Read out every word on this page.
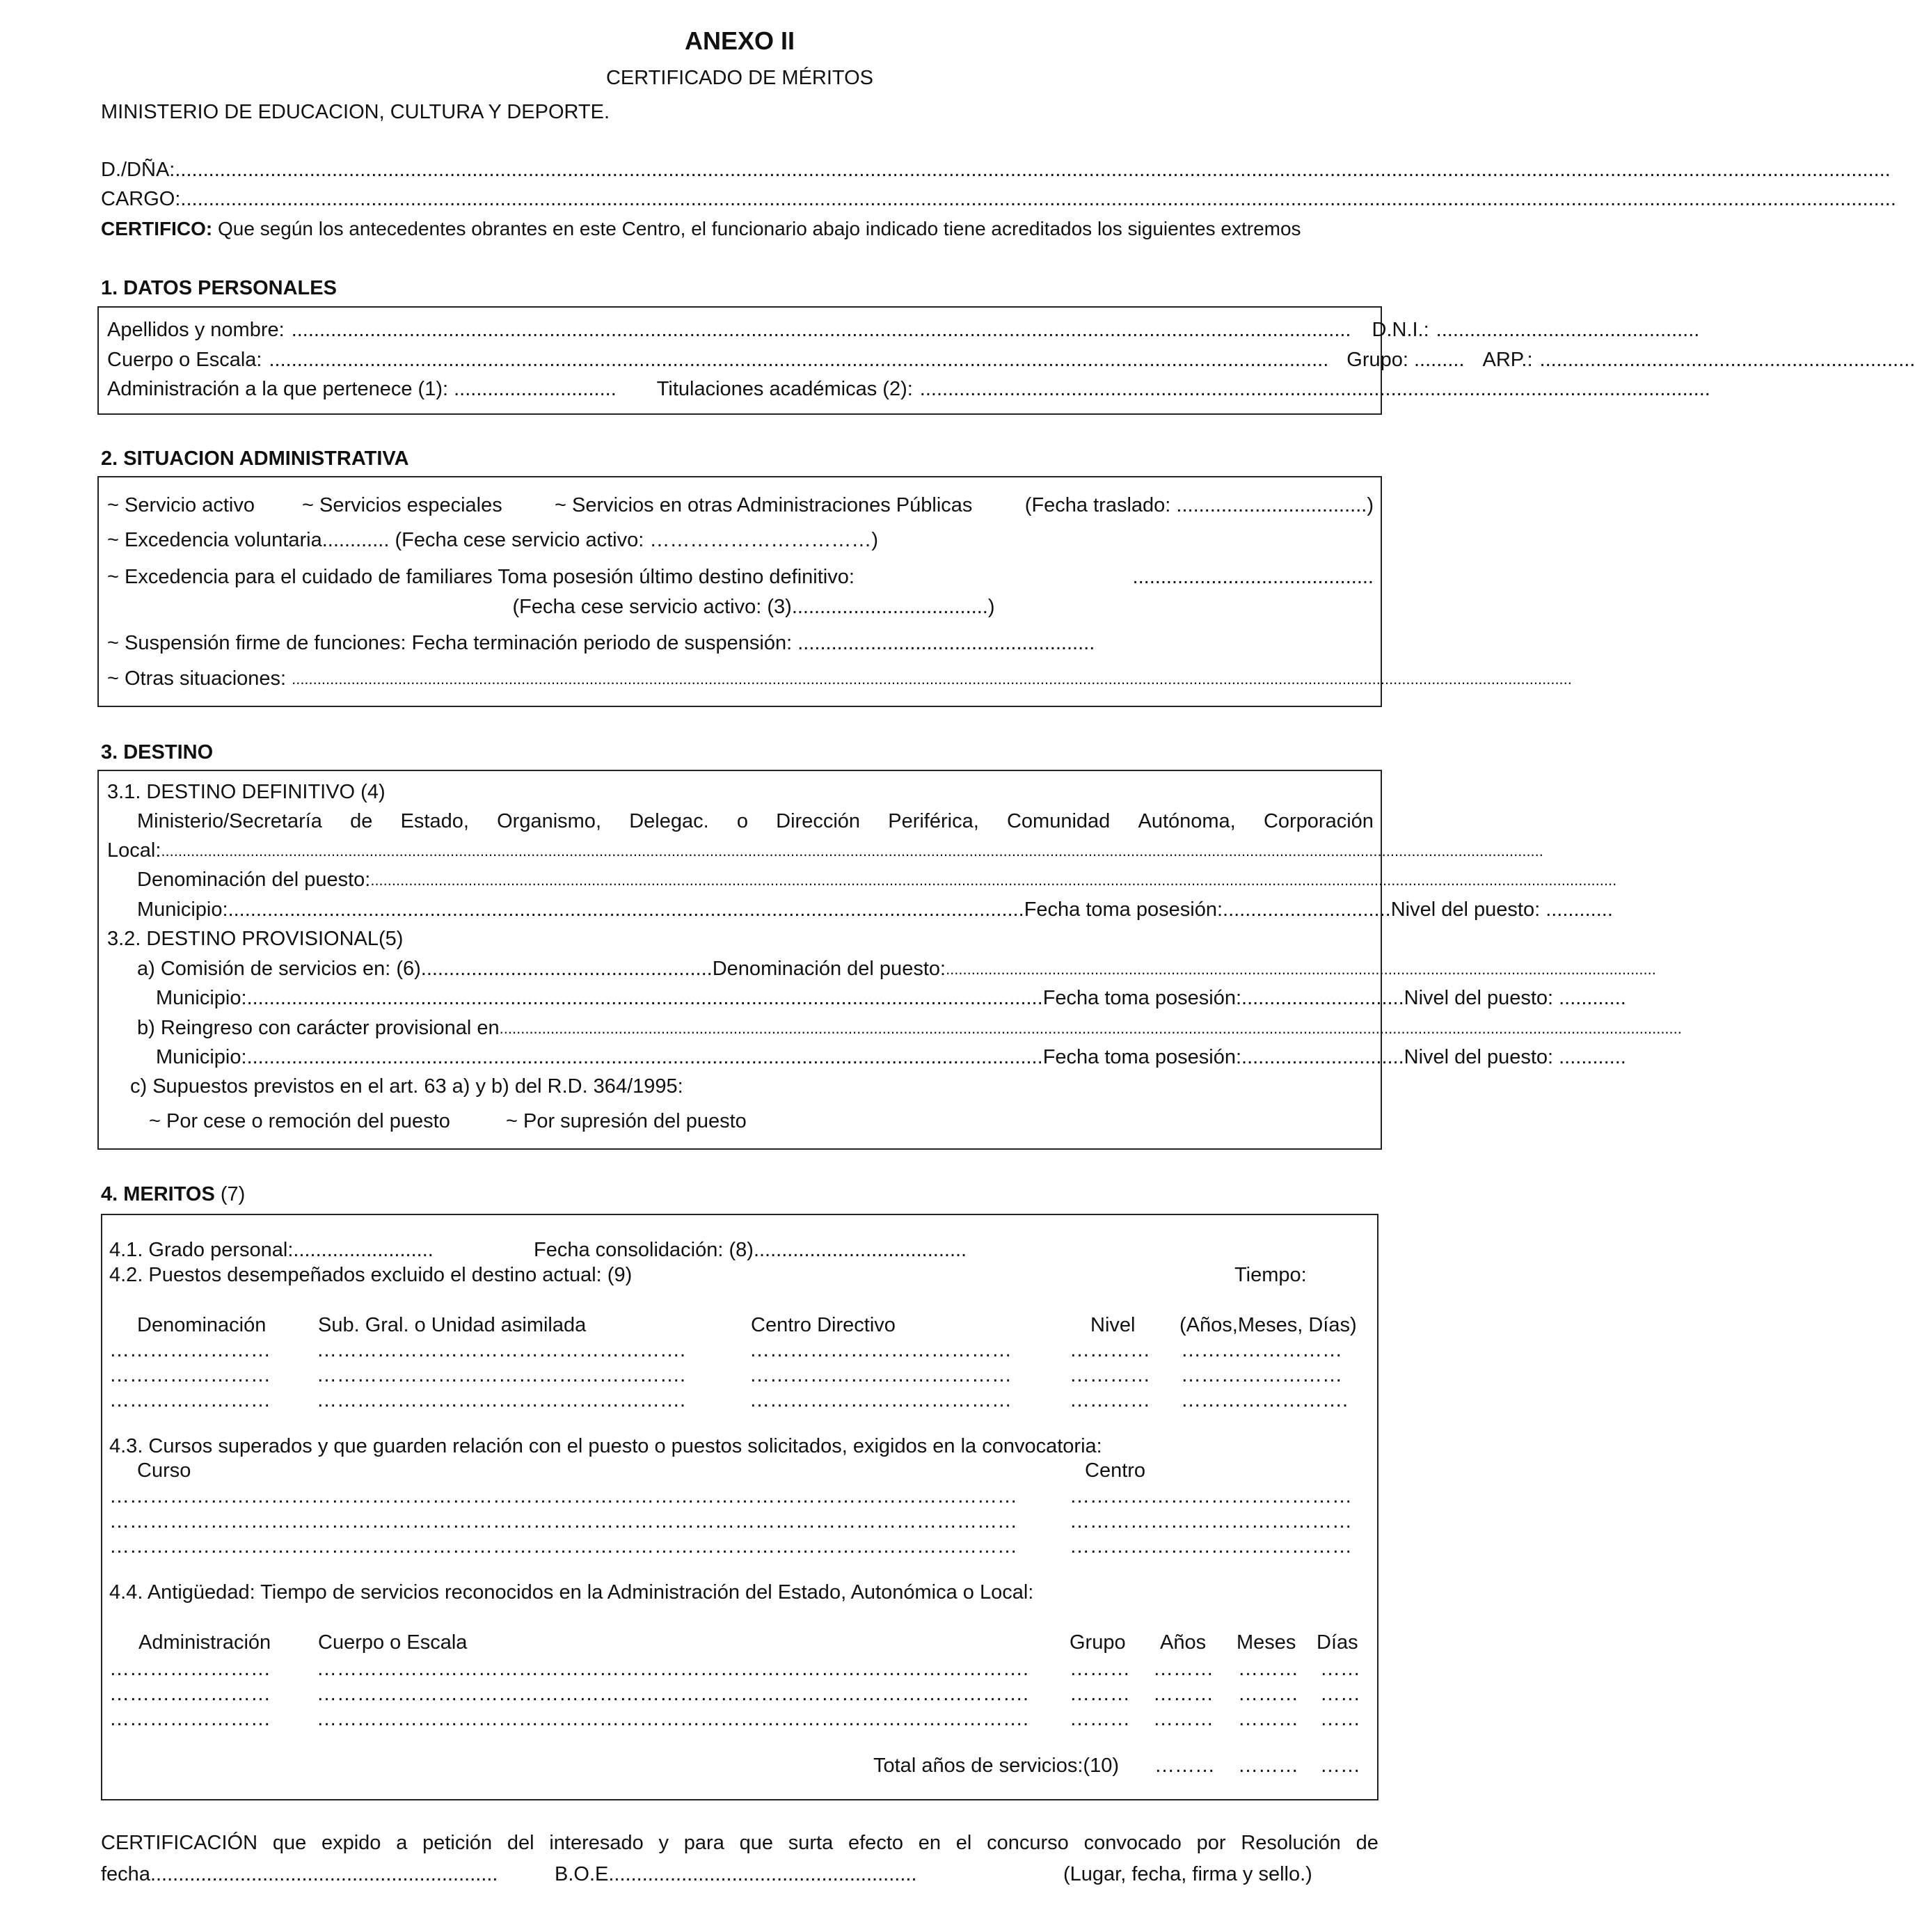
ANEXO II
CERTIFICADO DE MÉRITOS
MINISTERIO DE EDUCACION, CULTURA Y DEPORTE.
D./DÑA: ..................................................................................................................................................................................................................................................................................................................
CARGO: ..................................................................................................................................................................................................................................................................................................................
CERTIFICO: Que según los antecedentes obrantes en este Centro, el funcionario abajo indicado tiene acreditados los siguientes extremos
1. DATOS PERSONALES
Apellidos y nombre: .............................................................................................................................................................................................	D.N.I.: ...............................................
Cuerpo o Escala: ............................................................................................................................................................................................. Grupo: ......... ARP.: ...................................................................
Administración a la que pertenece (1): ............................. Titulaciones académicas (2): .............................................................................................................................................
2. SITUACION ADMINISTRATIVA
~ Servicio activo ~ Servicios especiales	~ Servicios en otras Administraciones Públicas	(Fecha traslado: ..................................)
~ Excedencia voluntaria............ (Fecha cese servicio activo: ……………………………)
~ Excedencia para el cuidado de familiares Toma posesión último destino definitivo:	...........................................
(Fecha cese servicio activo: (3)...................................)
~ Suspensión firme de funciones: Fecha terminación periodo de suspensión: .....................................................
~ Otras situaciones: .............................................................................................................................................................................................................................................................................................................
3. DESTINO
3.1. DESTINO DEFINITIVO (4)
Ministerio/Secretaría de Estado, Organismo, Delegac. o Dirección Periférica, Comunidad Autónoma, Corporación
Local: .....................................................................................................................................................................................................................................................................................................................................
Denominación del puesto: .....................................................................................................................................................................................................................................................................................................
Municipio: .............................................................................................................................................. Fecha toma posesión:.............................. Nivel del puesto: ............
3.2. DESTINO PROVISIONAL(5)
a) Comisión de servicios en: (6).................................................... Denominación del puesto: .......................................................................................................................................................................
Municipio: .............................................................................................................................................. Fecha toma posesión:............................. Nivel del puesto: ............
b) Reingreso con carácter provisional en ......................................................................................................................................................................................................................................................................................
Municipio: .............................................................................................................................................. Fecha toma posesión:............................. Nivel del puesto: ............
c) Supuestos previstos en el art. 63 a) y b) del R.D. 364/1995:
~ Por cese o remoción del puesto	~ Por supresión del puesto
4. MERITOS (7)
4.1. Grado personal:.........................	Fecha consolidación: (8)......................................
4.2. Puestos desempeñados excluido el destino actual: (9)	Tiempo:
Denominación	Sub. Gral. o Unidad asimilada	Centro Directivo	Nivel (Años,Meses, Días)
…………………… ……………………………………………….	…………………………………	………… ……………………
…………………… ……………………………………………….	…………………………………	………… ……………………
…………………… ……………………………………………….	…………………………………	………… …………………….
4.3. Cursos superados y que guarden relación con el puesto o puestos solicitados, exigidos en la convocatoria:
Curso	Centro
………………………………………………………………………………………………………………………	……………………………………
………………………………………………………………………………………………………………………	……………………………………
………………………………………………………………………………………………………………………	……………………………………
4.4. Antigüedad: Tiempo de servicios reconocidos en la Administración del Estado, Autonómica o Local:
Administración Cuerpo o Escala	Grupo Años Meses Días
…………………… ……………………………………………………………………………………………. ……… ……… ……… ……
…………………… ……………………………………………………………………………………………. ……… ……… ……… ……
…………………… ……………………………………………………………………………………………. ……… ……… ……… ……
Total años de servicios:(10) ……… ……… ……
CERTIFICACIÓN que expido a petición del interesado y para que surta efecto en el concurso convocado por Resolución de
fecha..............................................................	B.O.E.......................................................	(Lugar, fecha, firma y sello.)
